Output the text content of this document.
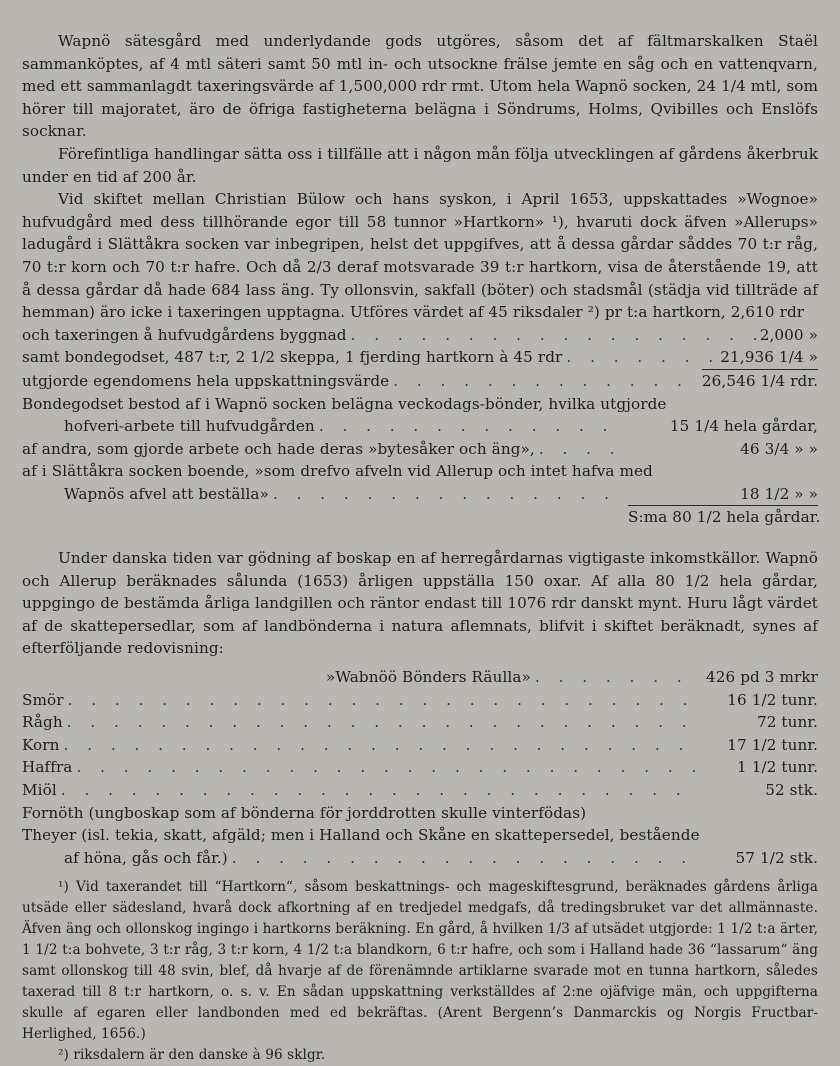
Wapnö sätesgård med underlydande gods utgöres, såsom det af fältmarskalken Staël sammanköptes, af 4 mtl säteri samt 50 mtl in- och utsockne frälse jemte en såg och en vattenqvarn, med ett sammanlagdt taxeringsvärde af 1,500,000 rdr rmt. Utom hela Wapnö socken, 24 1/4 mtl, som hörer till majoratet, äro de öfriga fastigheterna belägna i Söndrums, Holms, Qvibilles och Enslöfs socknar.

Förefintliga handlingar sätta oss i tillfälle att i någon mån följa utvecklingen af gårdens åkerbruk under en tid af 200 år.

Vid skiftet mellan Christian Bülow och hans syskon, i April 1653, uppskattades »Wognoe» hufvudgård med dess tillhörande egor till 58 tunnor »Hartkorn» ¹), hvaruti dock äfven »Allerups» ladugård i Slättåkra socken var inbegripen, helst det uppgifves, att å dessa gårdar såddes 70 t:r råg, 70 t:r korn och 70 t:r hafre. Och då 2/3 deraf motsvarade 39 t:r hartkorn, visa de återstående 19, att å dessa gårdar då hade 684 lass äng. Ty ollonsvin, sakfall (böter) och stadsmål (städja vid tillträde af hemman) äro icke i taxeringen upptagna. Utföres värdet af 45 riksdaler ²) pr t:a hartkorn, 2,610 rdr

och taxeringen å hufvudgårdens byggnad . . .	2,000 »
samt bondegodset, 487 t:r, 2 1/2 skeppa, 1 fjerding hartkorn à 45 rdr . . .	21,936 1/4 »
utgjorde egendomens hela uppskattningsvärde . . .	26,546 1/4 rdr.

Bondegodset bestod af i Wapnö socken belägna veckodags-bönder, hvilka utgjorde

hofveri-arbete till hufvudgården . . .	15 1/4 hela gårdar,
af andra, som gjorde arbete och hade deras »bytesåker och äng», . . .	46 3/4 » »
af i Slättåkra socken boende, »som drefvo afveln vid Allerup och intet hafva med
Wapnös afvel att beställa» . . .	18 1/2 » »
S:ma 80 1/2 hela gårdar.

Under danska tiden var gödning af boskap en af herregårdarnas vigtigaste inkomstkällor. Wapnö och Allerup beräknades sålunda (1653) årligen uppställa 150 oxar. Af alla 80 1/2 hela gårdar, uppgingo de bestämda årliga landgillen och räntor endast till 1076 rdr danskt mynt. Huru lågt värdet af de skattepersedlar, som af landbönderna i natura aflemnats, blifvit i skiftet beräknadt, synes af efterföljande redovisning:

»Wabnöö Bönders Räulla» . . .	426 pd 3 mrkr
Smör . . .	16 1/2 tunr.
Rågh . . .	72 tunr.
Korn . . .	17 1/2 tunr.
Haffra . . .	1 1/2 tunr.
Miöl . . .	52 stk.
Fornöth (ungboskap som af bönderna för jorddrotten skulle vinterfödas)
Theyer (isl. tekia, skatt, afgäld; men i Halland och Skåne en skattepersedel, bestående
af höna, gås och får.) . . .	57 1/2 stk.

¹) Vid taxerandet till “Hartkorn“, såsom beskattnings- och mageskiftesgrund, beräknades gårdens årliga utsäde eller sädesland, hvarå dock afkortning af en tredjedel medgafs, då tredingsbruket var det allmännaste. Äfven äng och ollonskog ingingo i hartkorns beräkning. En gård, å hvilken 1/3 af utsädet utgjorde: 1 1/2 t:a ärter, 1 1/2 t:a bohvete, 3 t:r råg, 3 t:r korn, 4 1/2 t:a blandkorn, 6 t:r hafre, och som i Halland hade 36 “lassarum“ äng samt ollonskog till 48 svin, blef, då hvarje af de förenämnde artiklarne svarade mot en tunna hartkorn, således taxerad till 8 t:r hartkorn, o. s. v. En sådan uppskattning verkställdes af 2:ne ojäfvige män, och uppgifterna skulle af egaren eller landbonden med ed bekräftas. (Arent Bergenn’s Danmarckis og Norgis Fructbar-Herlighed, 1656.)

²) riksdalern är den danske à 96 sklgr.
